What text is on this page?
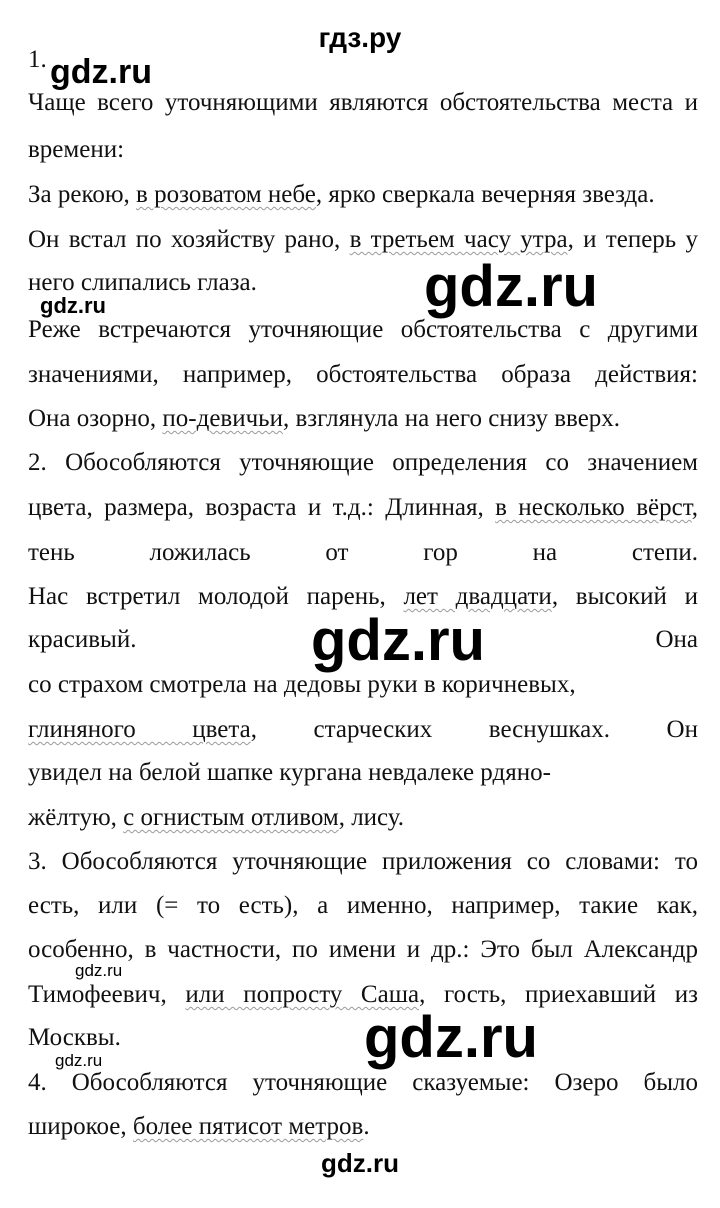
гдз.ру
gdz.ru
gdz.ru
gdz.ru
gdz.ru
gdz.ru
gdz.ru
gdz.ru
gdz.ru
1.
Чаще всего уточняющими являются обстоятельства места и
времени:
За рекою, в розоватом небе, ярко сверкала вечерняя звезда.
Он встал по хозяйству рано, в третьем часу утра, и теперь у
него слипались глаза.
Реже встречаются уточняющие обстоятельства с другими
значениями, например, обстоятельства образа действия:
Она озорно, по-девичьи, взглянула на него снизу вверх.
2. Обособляются уточняющие определения со значением
цвета, размера, возраста и т.д.: Длинная, в несколько вёрст,
тень ложилась от гор на степи.
Нас встретил молодой парень, лет двадцати, высокий и
красивый.	Она
со страхом смотрела на дедовы руки в коричневых,
глиняного цвета, старческих веснушках. Он
увидел на белой шапке кургана невдалеке рдяно-
жёлтую, с огнистым отливом, лису.
3. Обособляются уточняющие приложения со словами: то
есть, или (= то есть), а именно, например, такие как,
особенно, в частности, по имени и др.: Это был Александр
Тимофеевич, или попросту Саша, гость, приехавший из
Москвы.
4. Обособляются уточняющие сказуемые: Озеро было
широкое, более пятисот метров.
